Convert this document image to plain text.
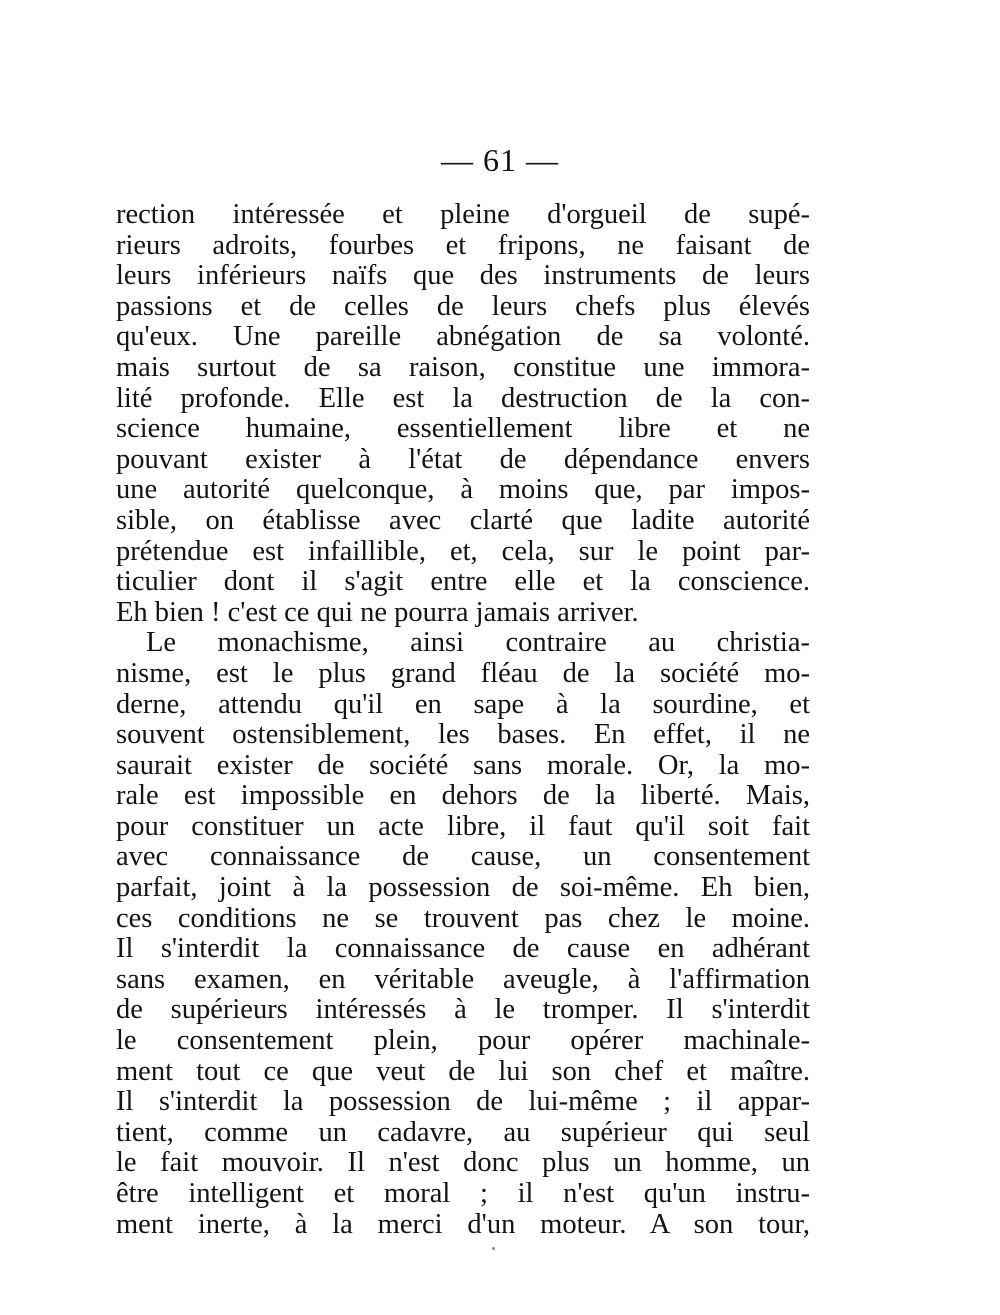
— 61 —
rection intéressée et pleine d'orgueil de supé-
rieurs adroits, fourbes et fripons, ne faisant de
leurs inférieurs naïfs que des instruments de leurs
passions et de celles de leurs chefs plus élevés
qu'eux. Une pareille abnégation de sa volonté.
mais surtout de sa raison, constitue une immora-
lité profonde. Elle est la destruction de la con-
science humaine, essentiellement libre et ne
pouvant exister à l'état de dépendance envers
une autorité quelconque, à moins que, par impos-
sible, on établisse avec clarté que ladite autorité
prétendue est infaillible, et, cela, sur le point par-
ticulier dont il s'agit entre elle et la conscience.
Eh bien ! c'est ce qui ne pourra jamais arriver.
Le monachisme, ainsi contraire au christia-
nisme, est le plus grand fléau de la société mo-
derne, attendu qu'il en sape à la sourdine, et
souvent ostensiblement, les bases. En effet, il ne
saurait exister de société sans morale. Or, la mo-
rale est impossible en dehors de la liberté. Mais,
pour constituer un acte libre, il faut qu'il soit fait
avec connaissance de cause, un consentement
parfait, joint à la possession de soi-même. Eh bien,
ces conditions ne se trouvent pas chez le moine.
Il s'interdit la connaissance de cause en adhérant
sans examen, en véritable aveugle, à l'affirmation
de supérieurs intéressés à le tromper. Il s'interdit
le consentement plein, pour opérer machinale-
ment tout ce que veut de lui son chef et maître.
Il s'interdit la possession de lui-même ; il appar-
tient, comme un cadavre, au supérieur qui seul
le fait mouvoir. Il n'est donc plus un homme, un
être intelligent et moral ; il n'est qu'un instru-
ment inerte, à la merci d'un moteur. A son tour,
